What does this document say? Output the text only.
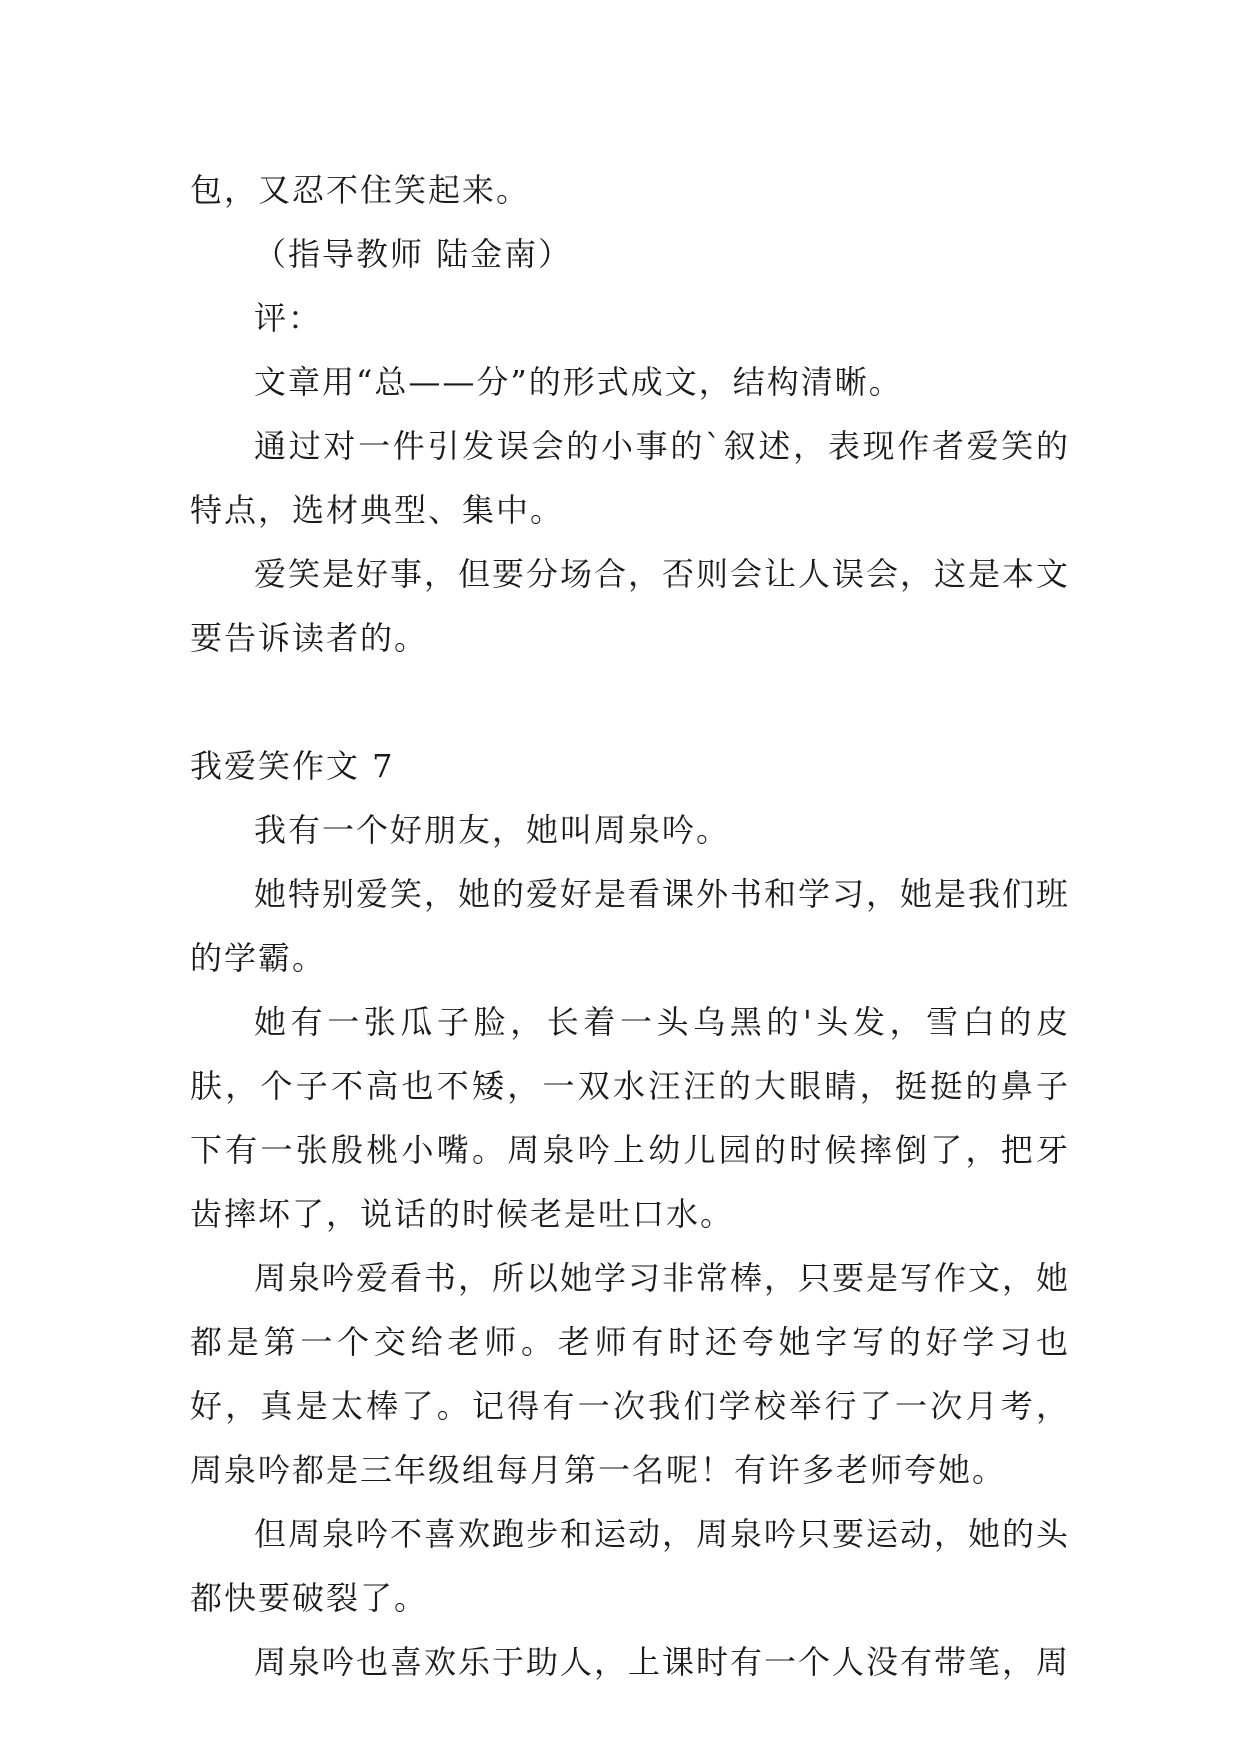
包，又忍不住笑起来。

（指导教师 陆金南）

评：

文章用“总——分”的形式成文，结构清晰。

通过对一件引发误会的小事的`叙述，表现作者爱笑的特点，选材典型、集中。

爱笑是好事，但要分场合，否则会让人误会，这是本文要告诉读者的。

我爱笑作文 7

我有一个好朋友，她叫周泉吟。

她特别爱笑，她的爱好是看课外书和学习，她是我们班的学霸。

她有一张瓜子脸，长着一头乌黑的'头发，雪白的皮肤，个子不高也不矮，一双水汪汪的大眼睛，挺挺的鼻子下有一张殷桃小嘴。周泉吟上幼儿园的时候摔倒了，把牙齿摔坏了，说话的时候老是吐口水。

周泉吟爱看书，所以她学习非常棒，只要是写作文，她都是第一个交给老师。老师有时还夸她字写的好学习也好，真是太棒了。记得有一次我们学校举行了一次月考，周泉吟都是三年级组每月第一名呢！有许多老师夸她。

但周泉吟不喜欢跑步和运动，周泉吟只要运动，她的头都快要破裂了。

周泉吟也喜欢乐于助人，上课时有一个人没有带笔，周
